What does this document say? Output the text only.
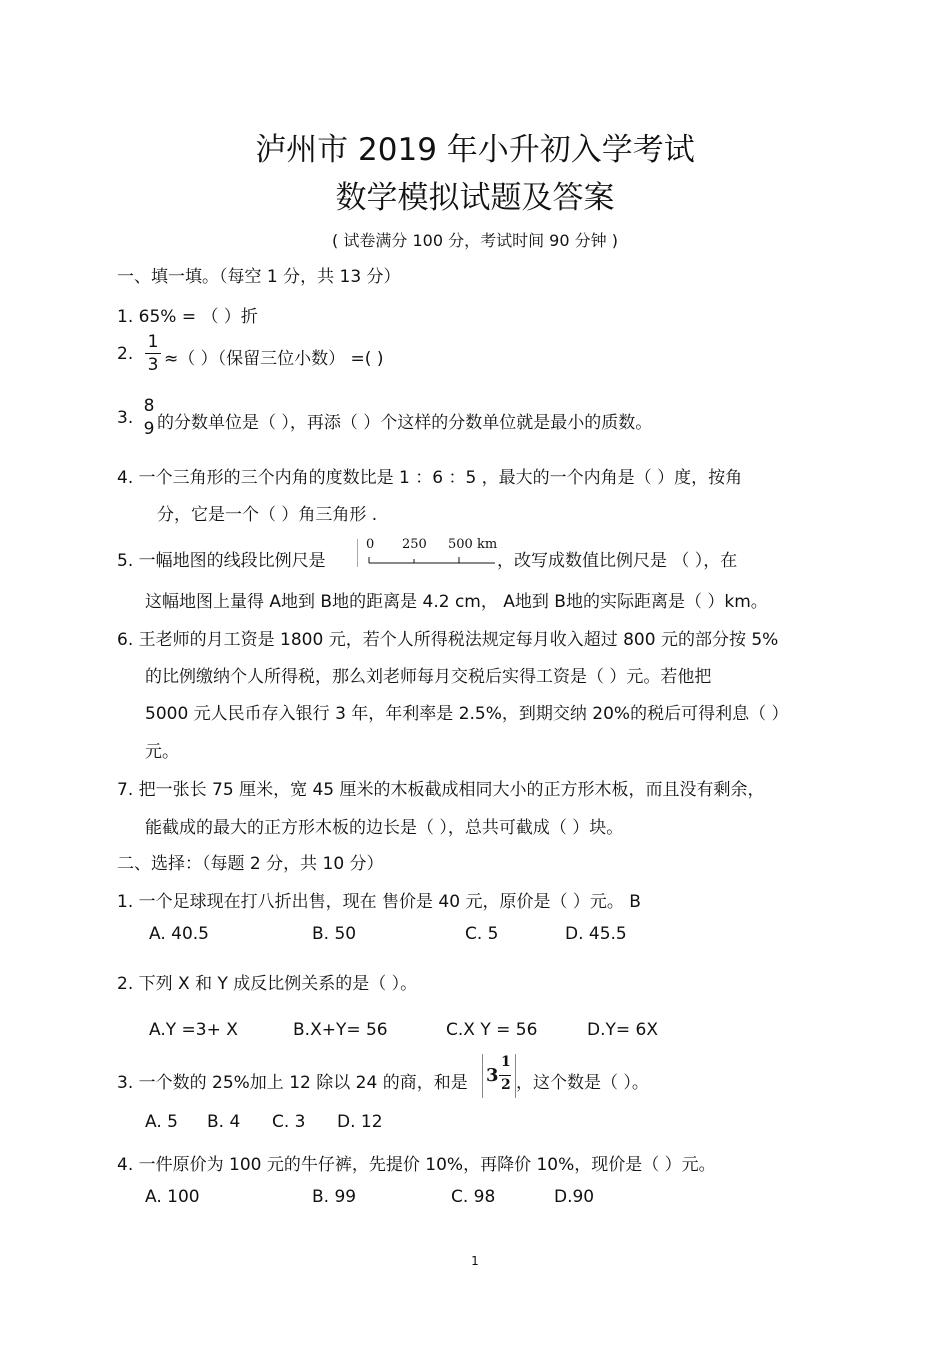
泸州市 2019 年小升初入学考试
数学模拟试题及答案
( 试卷满分 100 分，考试时间 90 分钟 )
一、填一填。（每空 1 分，共 13 分）
1. 65% = （ ）折
2.
1
3 ≈（ ）（保留三位小数） =( )
3.
8
9 的分数单位是（ ），再添（ ）个这样的分数单位就是最小的质数。
4. 一个三角形的三个内角的度数比是 1 ：6 ：5 ，最大的一个内角是（ ）度，按角
分，它是一个（ ）角三角形 .
5. 一幅地图的线段比例尺是
0 250 500 km
，改写成数值比例尺是 （ ），在
这幅地图上量得 A地到 B地的距离是 4.2 cm， A地到 B地的实际距离是（ ）km。
6. 王老师的月工资是 1800 元，若个人所得税法规定每月收入超过 800 元的部分按 5%
的比例缴纳个人所得税，那么刘老师每月交税后实得工资是（ ）元。若他把
5000 元人民币存入银行 3 年，年利率是 2.5%，到期交纳 20%的税后可得利息（ ）
元。
7. 把一张长 75 厘米，宽 45 厘米的木板截成相同大小的正方形木板，而且没有剩余，
能截成的最大的正方形木板的边长是（ ），总共可截成（ ）块。
二、选择：（每题 2 分，共 10 分）
1. 一个足球现在打八折出售，现在 售价是 40 元，原价是（ ）元。 B
A. 40.5	B. 50	C. 5	D. 45.5
2. 下列 X 和 Y 成反比例关系的是（ ）。
A.Y =3+ X	B.X+Y= 56	C.X Y = 56	D.Y= 6X
3. 一个数的 25%加上 12 除以 24 的商，和是 3
1
2 ，这个数是（ ）。
A. 5 B. 4 C. 3 D. 12
4. 一件原价为 100 元的牛仔裤，先提价 10%，再降价 10%，现价是（ ）元。
A. 100	B. 99	C. 98	D.90
1
